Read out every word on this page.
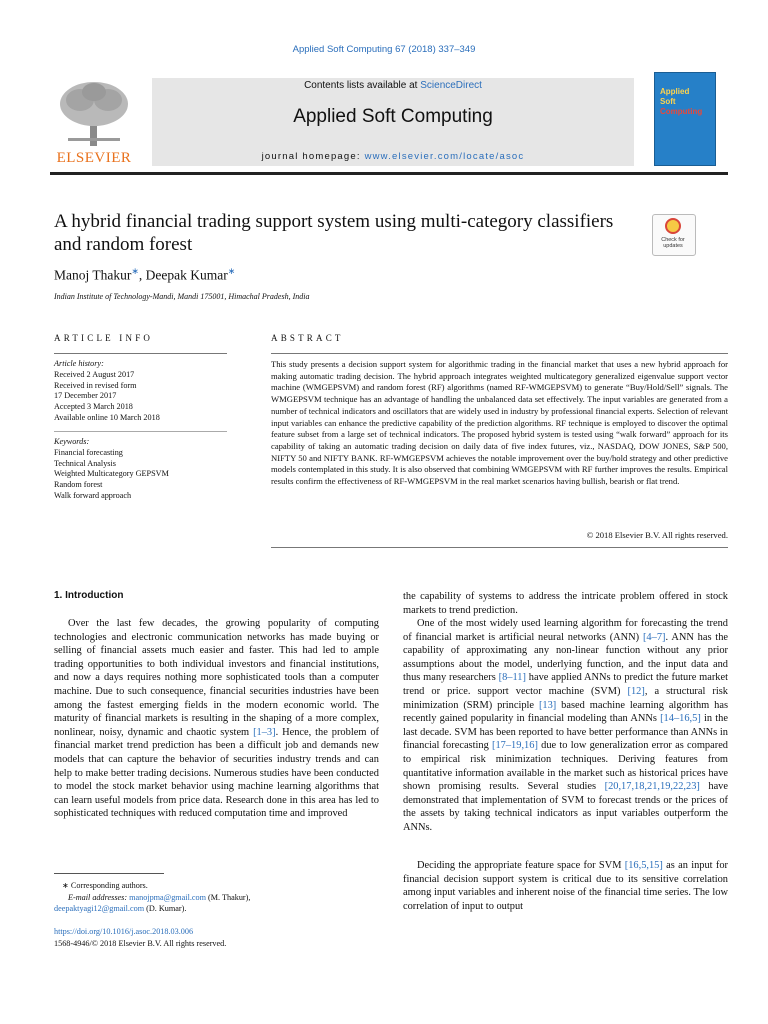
Applied Soft Computing 67 (2018) 337–349
ELSEVIER
Contents lists available at ScienceDirect
Applied Soft Computing
journal homepage: www.elsevier.com/locate/asoc
Applied
Soft
Computing
A hybrid financial trading support system using multi-category classifiers and random forest	Check for updates
Manoj Thakur∗, Deepak Kumar∗
Indian Institute of Technology-Mandi, Mandi 175001, Himachal Pradesh, India
ARTICLE INFO	ABSTRACT
Article history:
Received 2 August 2017
Received in revised form
17 December 2017
Accepted 3 March 2018
Available online 10 March 2018
Keywords:
Financial forecasting
Technical Analysis
Weighted Multicategory GEPSVM
Random forest
Walk forward approach
This study presents a decision support system for algorithmic trading in the financial market that uses a new hybrid approach for making automatic trading decision. The hybrid approach integrates weighted multicategory generalized eigenvalue support vector machine (WMGEPSVM) and random forest (RF) algorithms (named RF-WMGEPSVM) to generate “Buy/Hold/Sell” signals. The WMGEPSVM technique has an advantage of handling the unbalanced data set effectively. The input variables are generated from a number of technical indicators and oscillators that are widely used in industry by professional financial experts. Selection of relevant input variables can enhance the predictive capability of the prediction algorithms. RF technique is employed to discover the optimal feature subset from a large set of technical indicators. The proposed hybrid system is tested using “walk forward” approach for its capability of taking an automatic trading decision on daily data of five index futures, viz., NASDAQ, DOW JONES, S&P 500, NIFTY 50 and NIFTY BANK. RF-WMGEPSVM achieves the notable improvement over the buy/hold strategy and other predictive models contemplated in this study. It is also observed that combining WMGEPSVM with RF further improves the results. Empirical results confirm the effectiveness of RF-WMGEPSVM in the real market scenarios having bullish, bearish or flat trend.
© 2018 Elsevier B.V. All rights reserved.
1. Introduction
Over the last few decades, the growing popularity of computing technologies and electronic communication networks has made buying or selling of financial assets much easier and faster. This had led to ample trading opportunities to both individual investors and financial institutions, and now a days requires nothing more sophisticated tools than a computer machine. Due to such consequence, financial securities industries have been among the fastest emerging fields in the modern economic world. The maturity of financial markets is resulting in the shaping of a more complex, nonlinear, noisy, dynamic and chaotic system [1–3]. Hence, the problem of financial market trend prediction has been a difficult job and demands new models that can capture the behavior of securities industry trends and can help to make better trading decisions. Numerous studies have been conducted to model the stock market behavior using machine learning algorithms that can learn useful models from price data. Research done in this area has led to sophisticated techniques with reduced computation time and improved
the capability of systems to address the intricate problem offered in stock markets to trend prediction.
One of the most widely used learning algorithm for forecasting the trend of financial market is artificial neural networks (ANN) [4–7]. ANN has the capability of approximating any non-linear function without any prior assumptions about the model, underlying function, and the input data and thus many researchers [8–11] have applied ANNs to predict the future market trend or price. support vector machine (SVM) [12], a structural risk minimization (SRM) principle [13] based machine learning algorithm has recently gained popularity in financial modeling than ANNs [14–16,5] in the last decade. SVM has been reported to have better performance than ANNs in financial forecasting [17–19,16] due to low generalization error as compared to empirical risk minimization techniques. Deriving features from quantitative information available in the market such as historical prices have shown promising results. Several studies [20,17,18,21,19,22,23] have demonstrated that implementation of SVM to forecast trends or the prices of the assets by taking technical indicators as input variables outperform the ANNs.
Deciding the appropriate feature space for SVM [16,5,15] as an input for financial decision support system is critical due to its sensitive correlation among input variables and inherent noise of the financial time series. The low correlation of input to output
∗ Corresponding authors.
E-mail addresses: manojpma@gmail.com (M. Thakur),
deepaktyagi12@gmail.com (D. Kumar).
https://doi.org/10.1016/j.asoc.2018.03.006
1568-4946/© 2018 Elsevier B.V. All rights reserved.
